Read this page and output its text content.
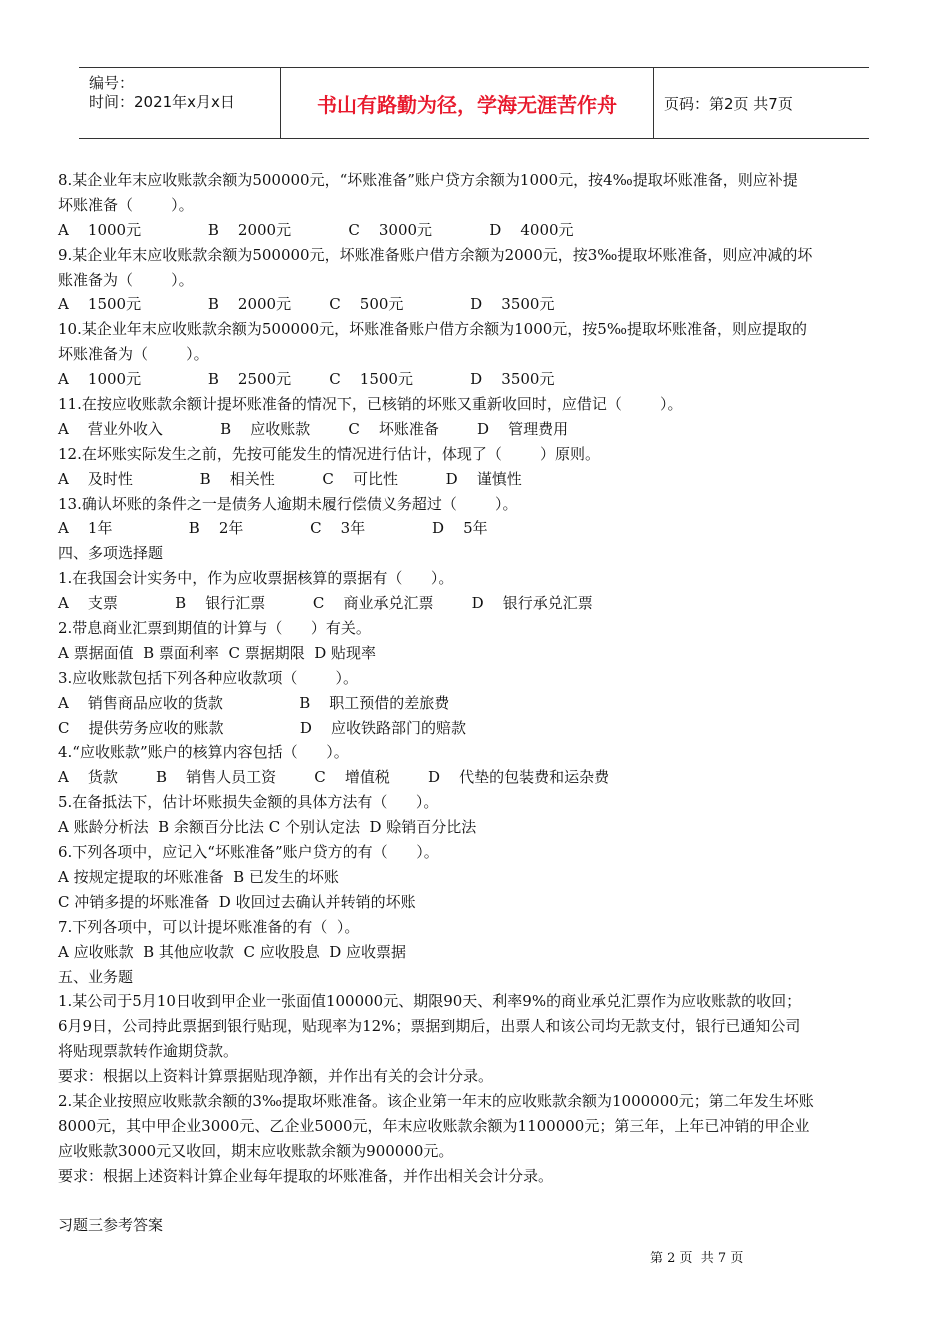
编号：
时间：2021年x月x日	书山有路勤为径，学海无涯苦作舟	页码：第2页 共7页
8.某企业年末应收账款余额为500000元，“坏账准备”账户贷方余额为1000元，按4‰提取坏账准备，则应补提
坏账准备（        ）。
A    1000元              B    2000元            C    3000元            D    4000元
9.某企业年末应收账款余额为500000元，坏账准备账户借方余额为2000元，按3‰提取坏账准备，则应冲减的坏
账准备为（        ）。
A    1500元              B    2000元        C    500元              D    3500元
10.某企业年末应收账款余额为500000元，坏账准备账户借方余额为1000元，按5‰提取坏账准备，则应提取的
坏账准备为（        ）。
A    1000元              B    2500元        C    1500元            D    3500元
11.在按应收账款余额计提坏账准备的情况下，已核销的坏账又重新收回时，应借记（        ）。
A    营业外收入            B    应收账款        C    坏账准备        D    管理费用
12.在坏账实际发生之前，先按可能发生的情况进行估计，体现了（        ）原则。
A    及时性              B    相关性          C    可比性          D    谨慎性
13.确认坏账的条件之一是债务人逾期未履行偿债义务超过（        ）。
A    1年                B    2年              C    3年              D    5年
四、多项选择题
1.在我国会计实务中，作为应收票据核算的票据有（      ）。
A    支票            B    银行汇票          C    商业承兑汇票        D    银行承兑汇票
2.带息商业汇票到期值的计算与（      ）有关。
A 票据面值  B 票面利率  C 票据期限  D 贴现率
3.应收账款包括下列各种应收款项（        ）。
A    销售商品应收的货款                B    职工预借的差旅费
C    提供劳务应收的账款                D    应收铁路部门的赔款
4.“应收账款”账户的核算内容包括（      ）。
A    货款        B    销售人员工资        C    增值税        D    代垫的包装费和运杂费
5.在备抵法下，估计坏账损失金额的具体方法有（      ）。
A 账龄分析法  B 余额百分比法 C 个别认定法  D 赊销百分比法
6.下列各项中，应记入“坏账准备”账户贷方的有（      ）。
A 按规定提取的坏账准备  B 已发生的坏账
C 冲销多提的坏账准备  D 收回过去确认并转销的坏账
7.下列各项中，可以计提坏账准备的有（  ）。
A 应收账款  B 其他应收款  C 应收股息  D 应收票据
五、业务题
1.某公司于5月10日收到甲企业一张面值100000元、期限90天、利率9%的商业承兑汇票作为应收账款的收回；
6月9日，公司持此票据到银行贴现，贴现率为12%；票据到期后，出票人和该公司均无款支付，银行已通知公司
将贴现票款转作逾期贷款。
要求：根据以上资料计算票据贴现净额，并作出有关的会计分录。
2.某企业按照应收账款余额的3‰提取坏账准备。该企业第一年末的应收账款余额为1000000元；第二年发生坏账
8000元，其中甲企业3000元、乙企业5000元，年末应收账款余额为1100000元；第三年，上年已冲销的甲企业
应收账款3000元又收回，期末应收账款余额为900000元。
要求：根据上述资料计算企业每年提取的坏账准备，并作出相关会计分录。
习题三参考答案
第 2 页  共 7 页
